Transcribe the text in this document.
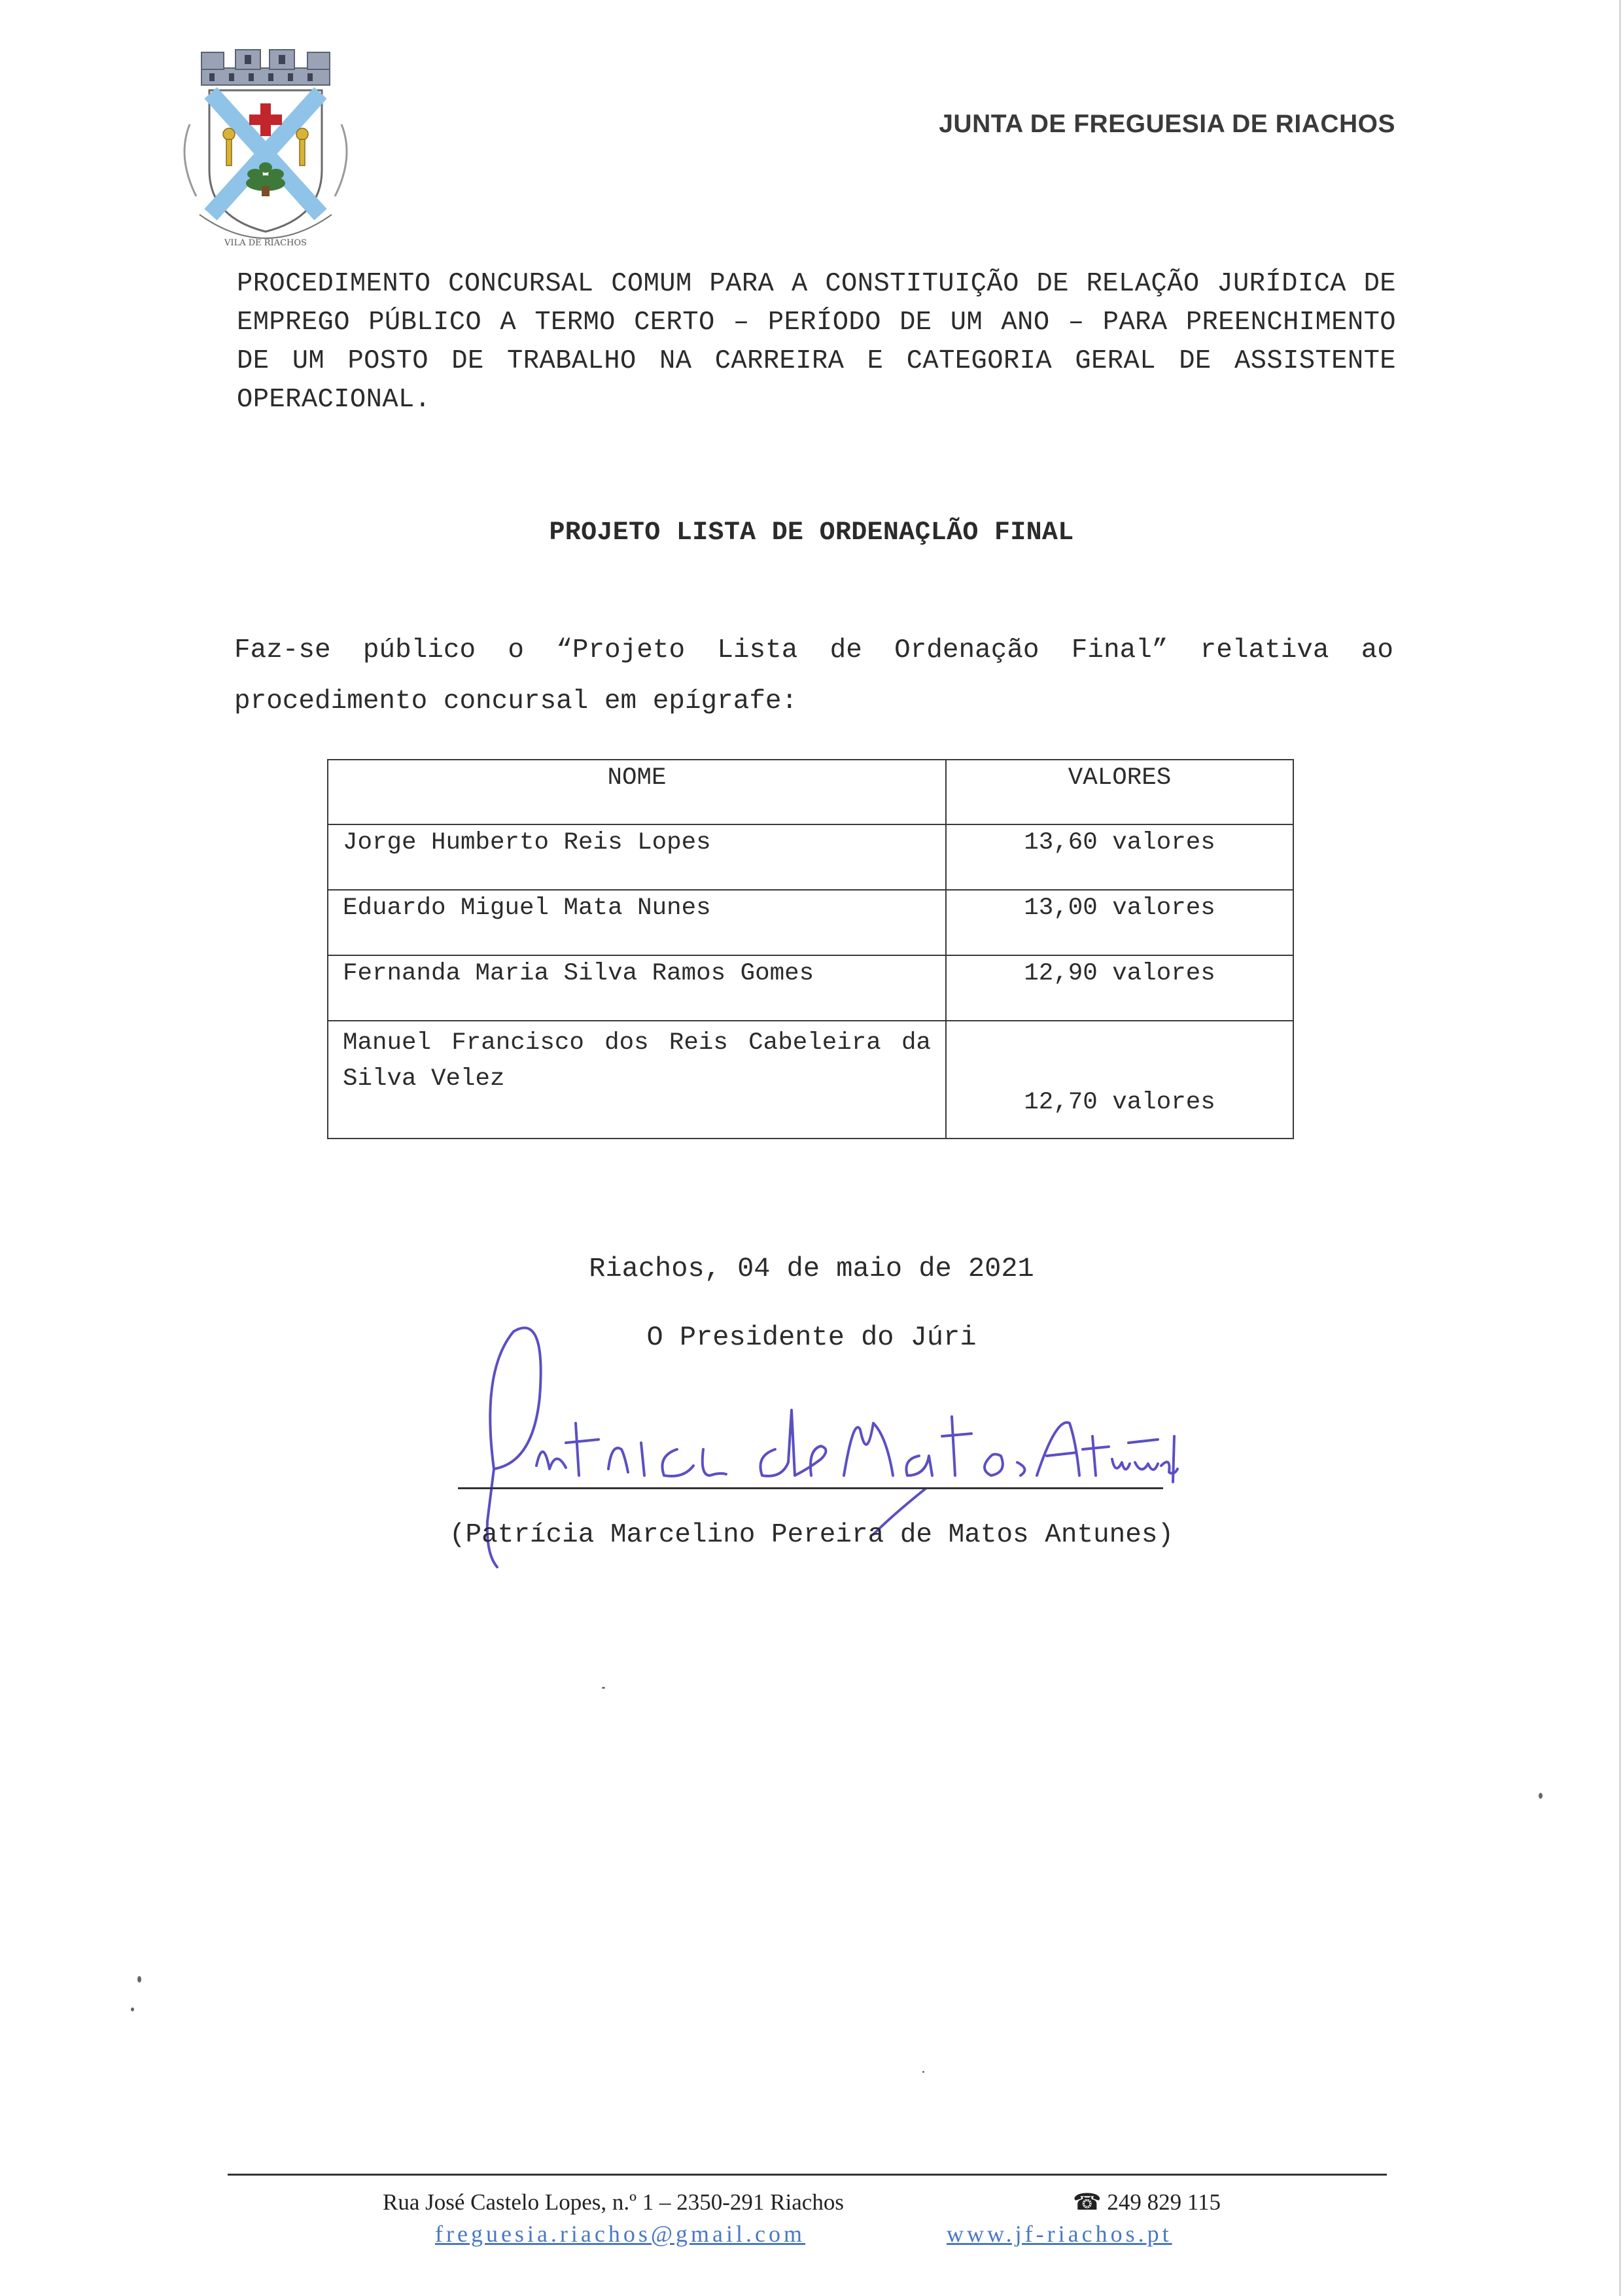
VILA DE RIACHOS
JUNTA DE FREGUESIA DE RIACHOS
PROCEDIMENTO CONCURSAL COMUM PARA A CONSTITUIÇÃO DE RELAÇÃO JURÍDICA DE EMPREGO PÚBLICO A TERMO CERTO – PERÍODO DE UM ANO – PARA PREENCHIMENTO DE UM POSTO DE TRABALHO NA CARREIRA E CATEGORIA GERAL DE ASSISTENTE OPERACIONAL.
PROJETO LISTA DE ORDENAÇLÃO FINAL
Faz-se público o “Projeto Lista de Ordenação Final” relativa ao procedimento concursal em epígrafe:
NOME	VALORES
Jorge Humberto Reis Lopes	13,60 valores
Eduardo Miguel Mata Nunes	13,00 valores
Fernanda Maria Silva Ramos Gomes	12,90 valores
Manuel Francisco dos Reis Cabeleira da Silva Velez	12,70 valores
Riachos, 04 de maio de 2021
O Presidente do Júri
(Patrícia Marcelino Pereira de Matos Antunes)
Rua José Castelo Lopes, n.º 1 – 2350-291 Riachos	☎ 249 829 115
freguesia.riachos@gmail.com	www.jf-riachos.pt
